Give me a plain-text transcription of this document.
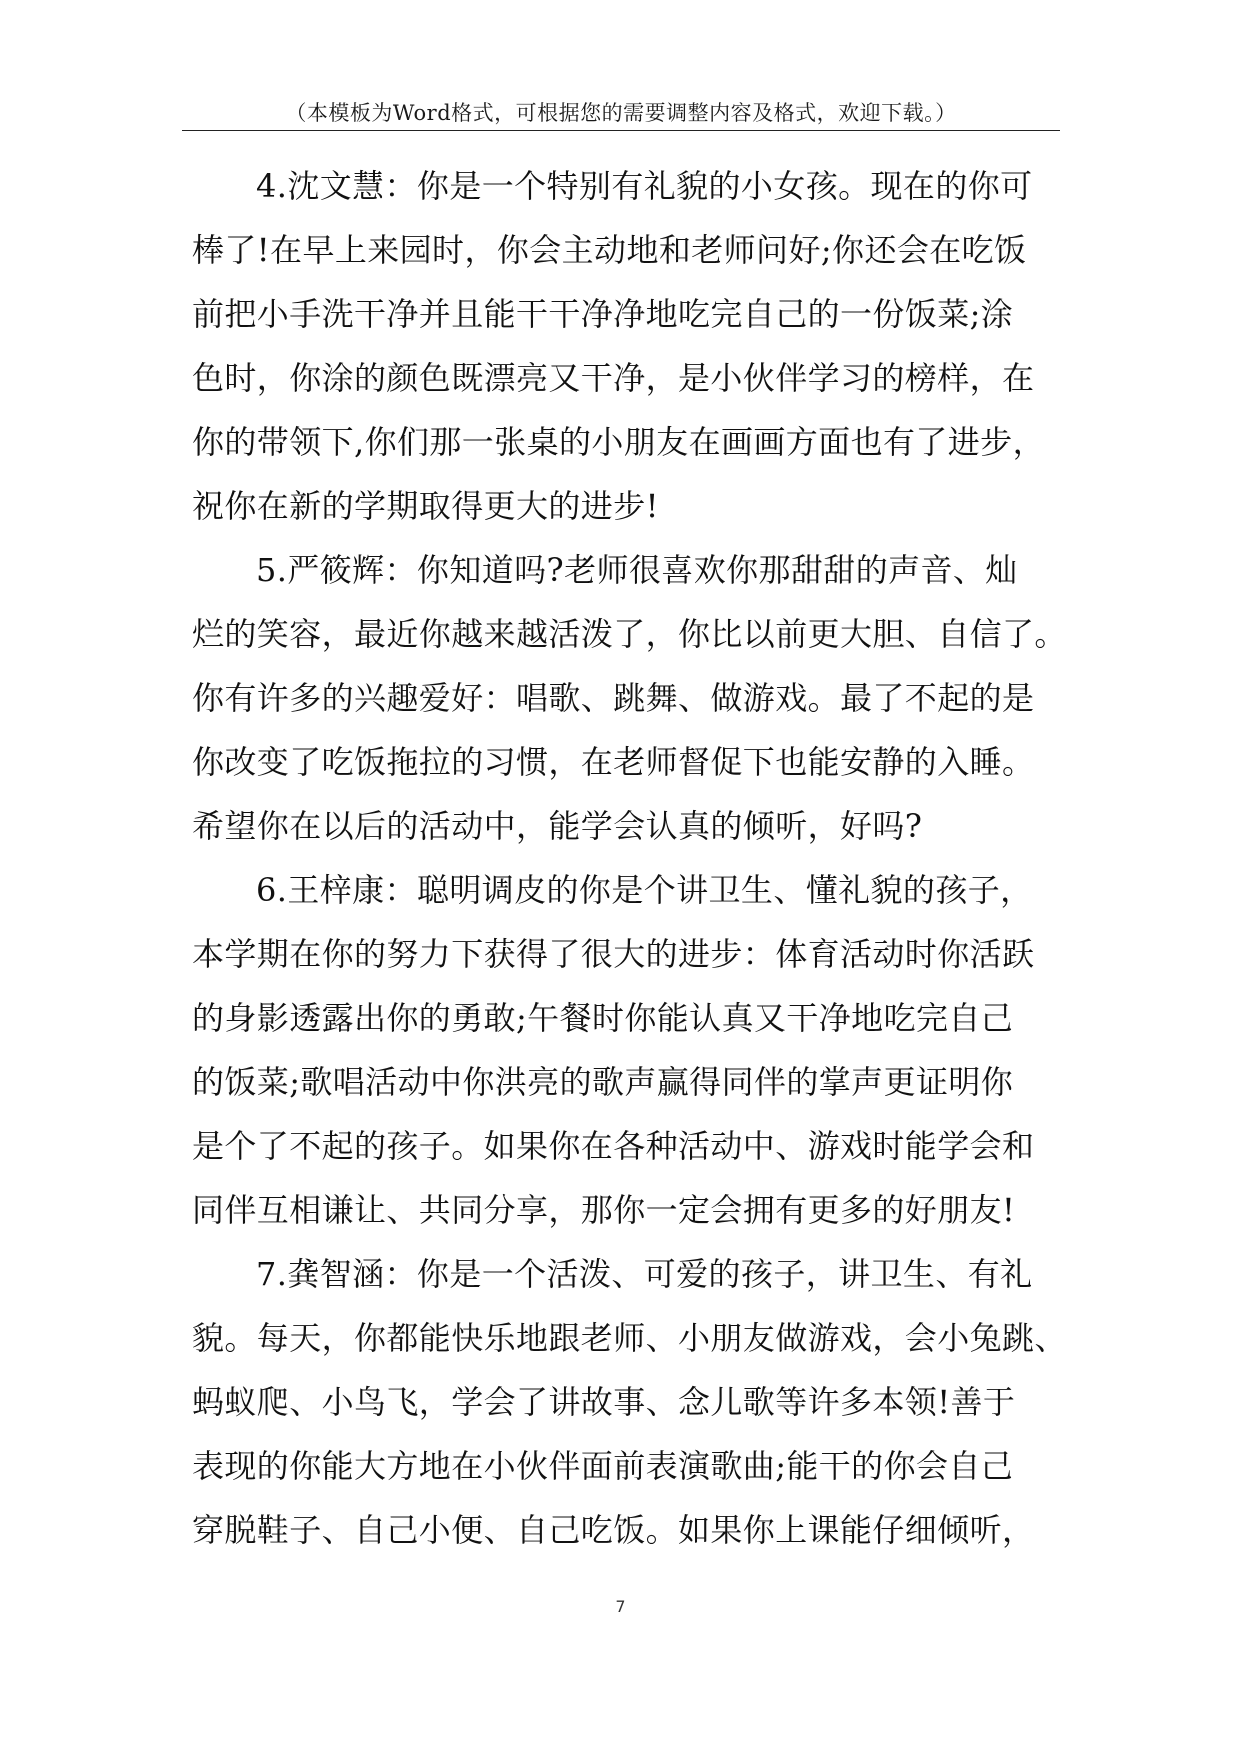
（本模板为Word格式，可根据您的需要调整内容及格式，欢迎下载。）
4.沈文慧：你是一个特别有礼貌的小女孩。现在的你可
棒了!在早上来园时，你会主动地和老师问好;你还会在吃饭
前把小手洗干净并且能干干净净地吃完自己的一份饭菜;涂
色时，你涂的颜色既漂亮又干净，是小伙伴学习的榜样，在
你的带领下,你们那一张桌的小朋友在画画方面也有了进步，
祝你在新的学期取得更大的进步!
5.严筱辉：你知道吗?老师很喜欢你那甜甜的声音、灿
烂的笑容，最近你越来越活泼了，你比以前更大胆、自信了。
你有许多的兴趣爱好：唱歌、跳舞、做游戏。最了不起的是
你改变了吃饭拖拉的习惯，在老师督促下也能安静的入睡。
希望你在以后的活动中，能学会认真的倾听，好吗?
6.王梓康：聪明调皮的你是个讲卫生、懂礼貌的孩子，
本学期在你的努力下获得了很大的进步：体育活动时你活跃
的身影透露出你的勇敢;午餐时你能认真又干净地吃完自己
的饭菜;歌唱活动中你洪亮的歌声赢得同伴的掌声更证明你
是个了不起的孩子。如果你在各种活动中、游戏时能学会和
同伴互相谦让、共同分享，那你一定会拥有更多的好朋友!
7.龚智涵：你是一个活泼、可爱的孩子，讲卫生、有礼
貌。每天，你都能快乐地跟老师、小朋友做游戏，会小兔跳、
蚂蚁爬、小鸟飞，学会了讲故事、念儿歌等许多本领!善于
表现的你能大方地在小伙伴面前表演歌曲;能干的你会自己
穿脱鞋子、自己小便、自己吃饭。如果你上课能仔细倾听，
7
